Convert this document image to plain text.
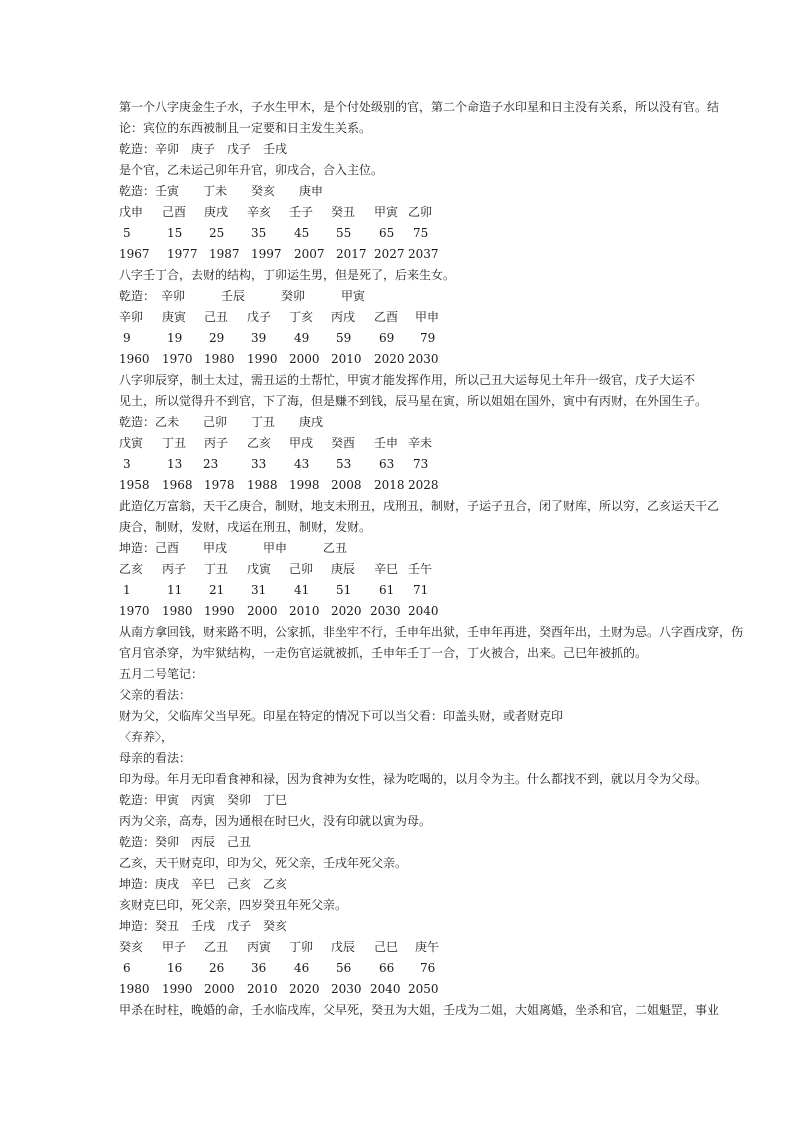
第一个八字庚金生子水，子水生甲木，是个付处级别的官，第二个命造子水印星和日主没有关系，所以没有官。结
论：宾位的东西被制且一定要和日主发生关系。
乾造：辛卯　庚子　戊子　壬戌
是个官，乙未运己卯年升官，卯戌合，合入主位。
乾造：壬寅　　丁未　　癸亥　　庚申
戊申 己酉 庚戌 辛亥 壬子 癸丑 甲寅 乙卯
5	15 25 35 45 55 65 75
1967 1977 1987 1997 2007 2017 2027 2037
八字壬丁合，去财的结构，丁卯运生男，但是死了，后来生女。
乾造：　辛卯　　　壬辰　　　癸卯　　　甲寅
辛卯 庚寅 己丑 戊子 丁亥 丙戌 乙酉 甲申
9	19 29 39 49 59 69 79
1960 1970 1980 1990 2000 2010 2020 2030
八字卯辰穿，制土太过，需丑运的土帮忙，甲寅才能发挥作用，所以己丑大运每见土年升一级官，戊子大运不
见土，所以觉得升不到官，下了海，但是赚不到钱，辰马星在寅，所以姐姐在国外，寅中有丙财，在外国生子。
乾造：乙未　　己卯　　丁丑　　庚戌
戊寅 丁丑 丙子 乙亥 甲戌 癸酉 壬申 辛未
3	13 23	33 43 53 63 73
1958 1968 1978 1988 1998 2008 2018 2028
此造亿万富翁，天干乙庚合，制财，地支未刑丑，戌刑丑，制财，子运子丑合，闭了财库，所以穷，乙亥运天干乙
庚合，制财，发财，戌运在刑丑，制财，发财。
坤造：己酉　　甲戌　　　甲申　　　乙丑
乙亥 丙子 丁丑 戊寅 己卯 庚辰 辛巳 壬午
1	11 21 31 41 51 61 71
1970 1980 1990 2000 2010 2020 2030 2040
从南方拿回钱，财来路不明，公家抓，非坐牢不行，壬申年出狱，壬申年再进，癸酉年出，土财为忌。八字酉戌穿，伤
官月官杀穿，为牢狱结构，一走伤官运就被抓，壬申年壬丁一合，丁火被合，出来。己巳年被抓的。
五月二号笔记：
父亲的看法：
财为父，父临库父当早死。印星在特定的情况下可以当父看：印盖头财，或者财克印
〈弃养〉，
母亲的看法：
印为母。年月无印看食神和禄，因为食神为女性，禄为吃喝的，以月令为主。什么都找不到，就以月令为父母。
乾造：甲寅　丙寅　癸卯　丁巳
丙为父亲，高寿，因为通根在时巳火，没有印就以寅为母。
乾造：癸卯　丙辰　己丑
乙亥，天干财克印，印为父，死父亲，壬戌年死父亲。
坤造：庚戌　辛巳　己亥　乙亥
亥财克巳印，死父亲，四岁癸丑年死父亲。
坤造：癸丑　壬戌　戊子　癸亥
癸亥 甲子 乙丑 丙寅 丁卯 戊辰 己巳 庚午
6	16 26 36 46 56 66 76
1980 1990 2000 2010 2020 2030 2040 2050
甲杀在时柱，晚婚的命，壬水临戌库，父早死，癸丑为大姐，壬戌为二姐，大姐离婚，坐杀和官，二姐魁罡，事业
